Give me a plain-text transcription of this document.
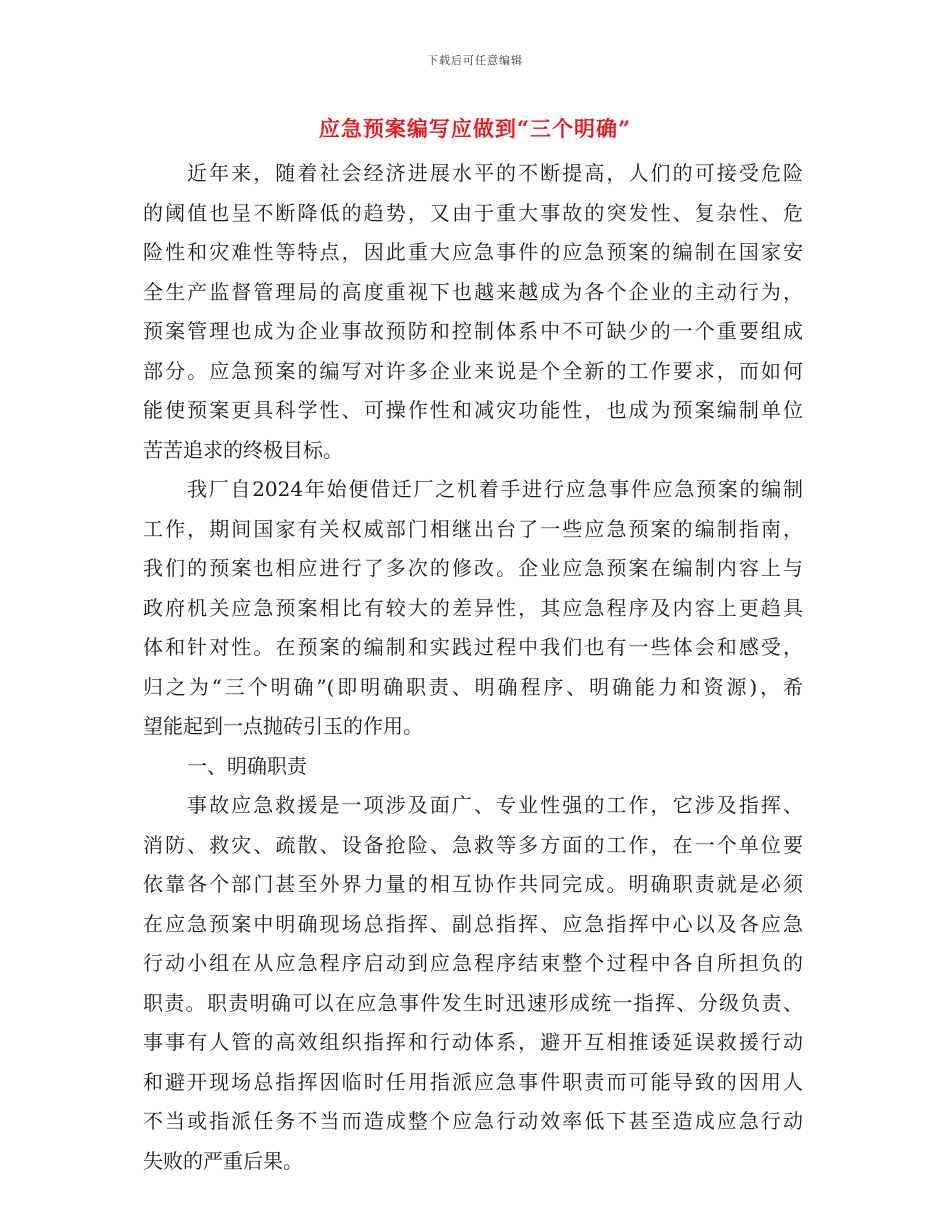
下载后可任意编辑
应急预案编写应做到“三个明确”
近年来，随着社会经济进展水平的不断提高，人们的可接受危险
的阈值也呈不断降低的趋势，又由于重大事故的突发性、复杂性、危
险性和灾难性等特点，因此重大应急事件的应急预案的编制在国家安
全生产监督管理局的高度重视下也越来越成为各个企业的主动行为，
预案管理也成为企业事故预防和控制体系中不可缺少的一个重要组成
部分。应急预案的编写对许多企业来说是个全新的工作要求，而如何
能使预案更具科学性、可操作性和减灾功能性，也成为预案编制单位
苦苦追求的终极目标。
我厂自2024年始便借迁厂之机着手进行应急事件应急预案的编制
工作，期间国家有关权威部门相继出台了一些应急预案的编制指南，
我们的预案也相应进行了多次的修改。企业应急预案在编制内容上与
政府机关应急预案相比有较大的差异性，其应急程序及内容上更趋具
体和针对性。在预案的编制和实践过程中我们也有一些体会和感受，
归之为“三个明确”(即明确职责、明确程序、明确能力和资源)，希
望能起到一点抛砖引玉的作用。
一、明确职责
事故应急救援是一项涉及面广、专业性强的工作，它涉及指挥、
消防、救灾、疏散、设备抢险、急救等多方面的工作，在一个单位要
依靠各个部门甚至外界力量的相互协作共同完成。明确职责就是必须
在应急预案中明确现场总指挥、副总指挥、应急指挥中心以及各应急
行动小组在从应急程序启动到应急程序结束整个过程中各自所担负的
职责。职责明确可以在应急事件发生时迅速形成统一指挥、分级负责、
事事有人管的高效组织指挥和行动体系，避开互相推诿延误救援行动
和避开现场总指挥因临时任用指派应急事件职责而可能导致的因用人
不当或指派任务不当而造成整个应急行动效率低下甚至造成应急行动
失败的严重后果。
